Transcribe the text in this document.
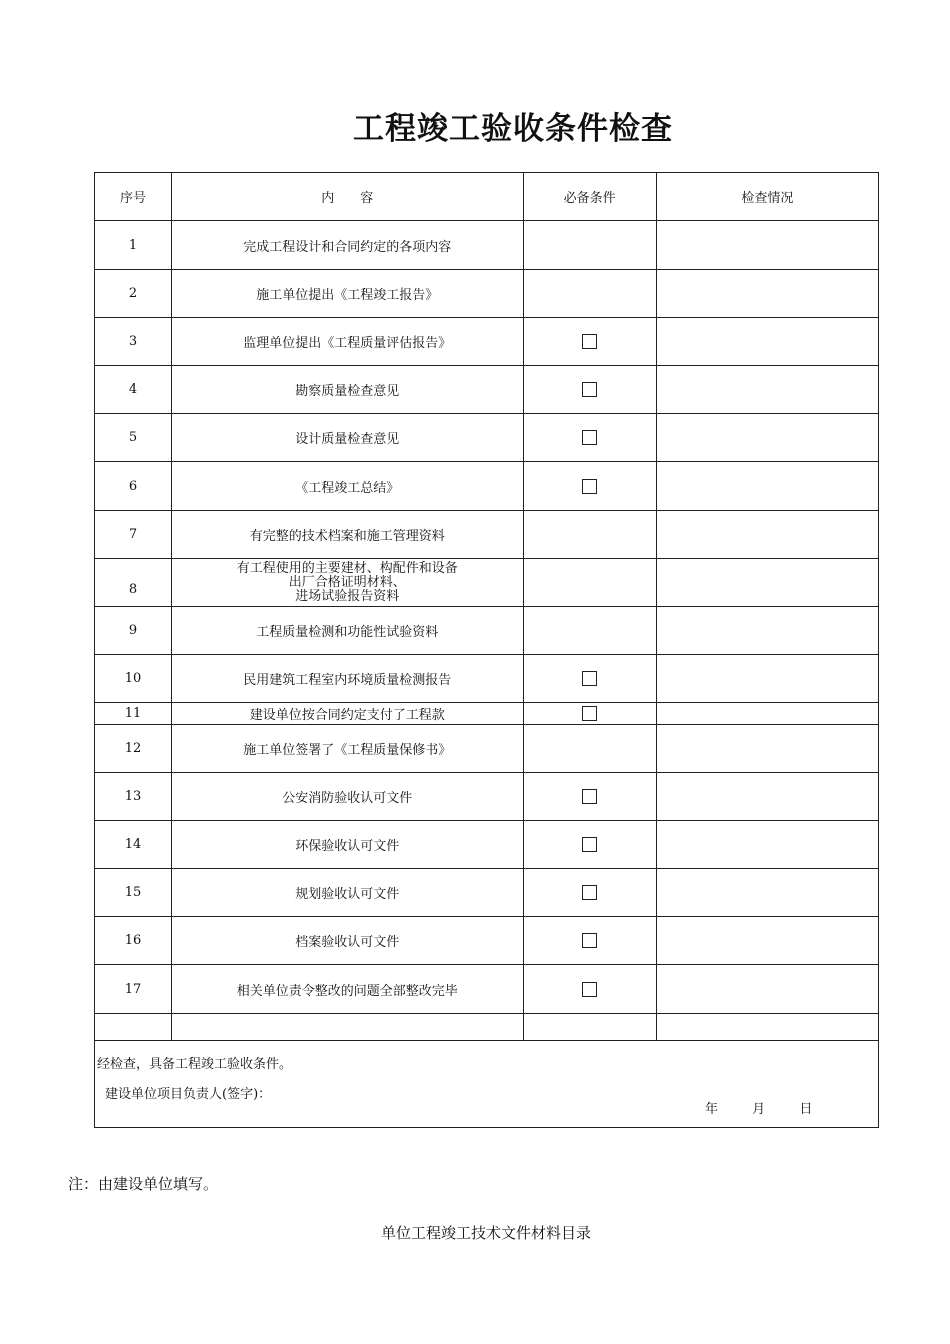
工程竣工验收条件检查
序号	内　　容	必备条件	检查情况
1	完成工程设计和合同约定的各项内容		
2	施工单位提出《工程竣工报告》		
3	监理单位提出《工程质量评估报告》		
4	勘察质量检查意见		
5	设计质量检查意见		
6	《工程竣工总结》		
7	有完整的技术档案和施工管理资料		
8	有工程使用的主要建材、构配件和设备
出厂合格证明材料、
进场试验报告资料		

9	工程质量检测和功能性试验资料		
10	民用建筑工程室内环境质量检测报告		
11	建设单位按合同约定支付了工程款		
12	施工单位签署了《工程质量保修书》		
13	公安消防验收认可文件		
14	环保验收认可文件		
15	规划验收认可文件		
16	档案验收认可文件		
17	相关单位责令整改的问题全部整改完毕		

经检查，具备工程竣工验收条件。
建设单位项目负责人(签字)：
年 月 日			
注：由建设单位填写。
单位工程竣工技术文件材料目录
